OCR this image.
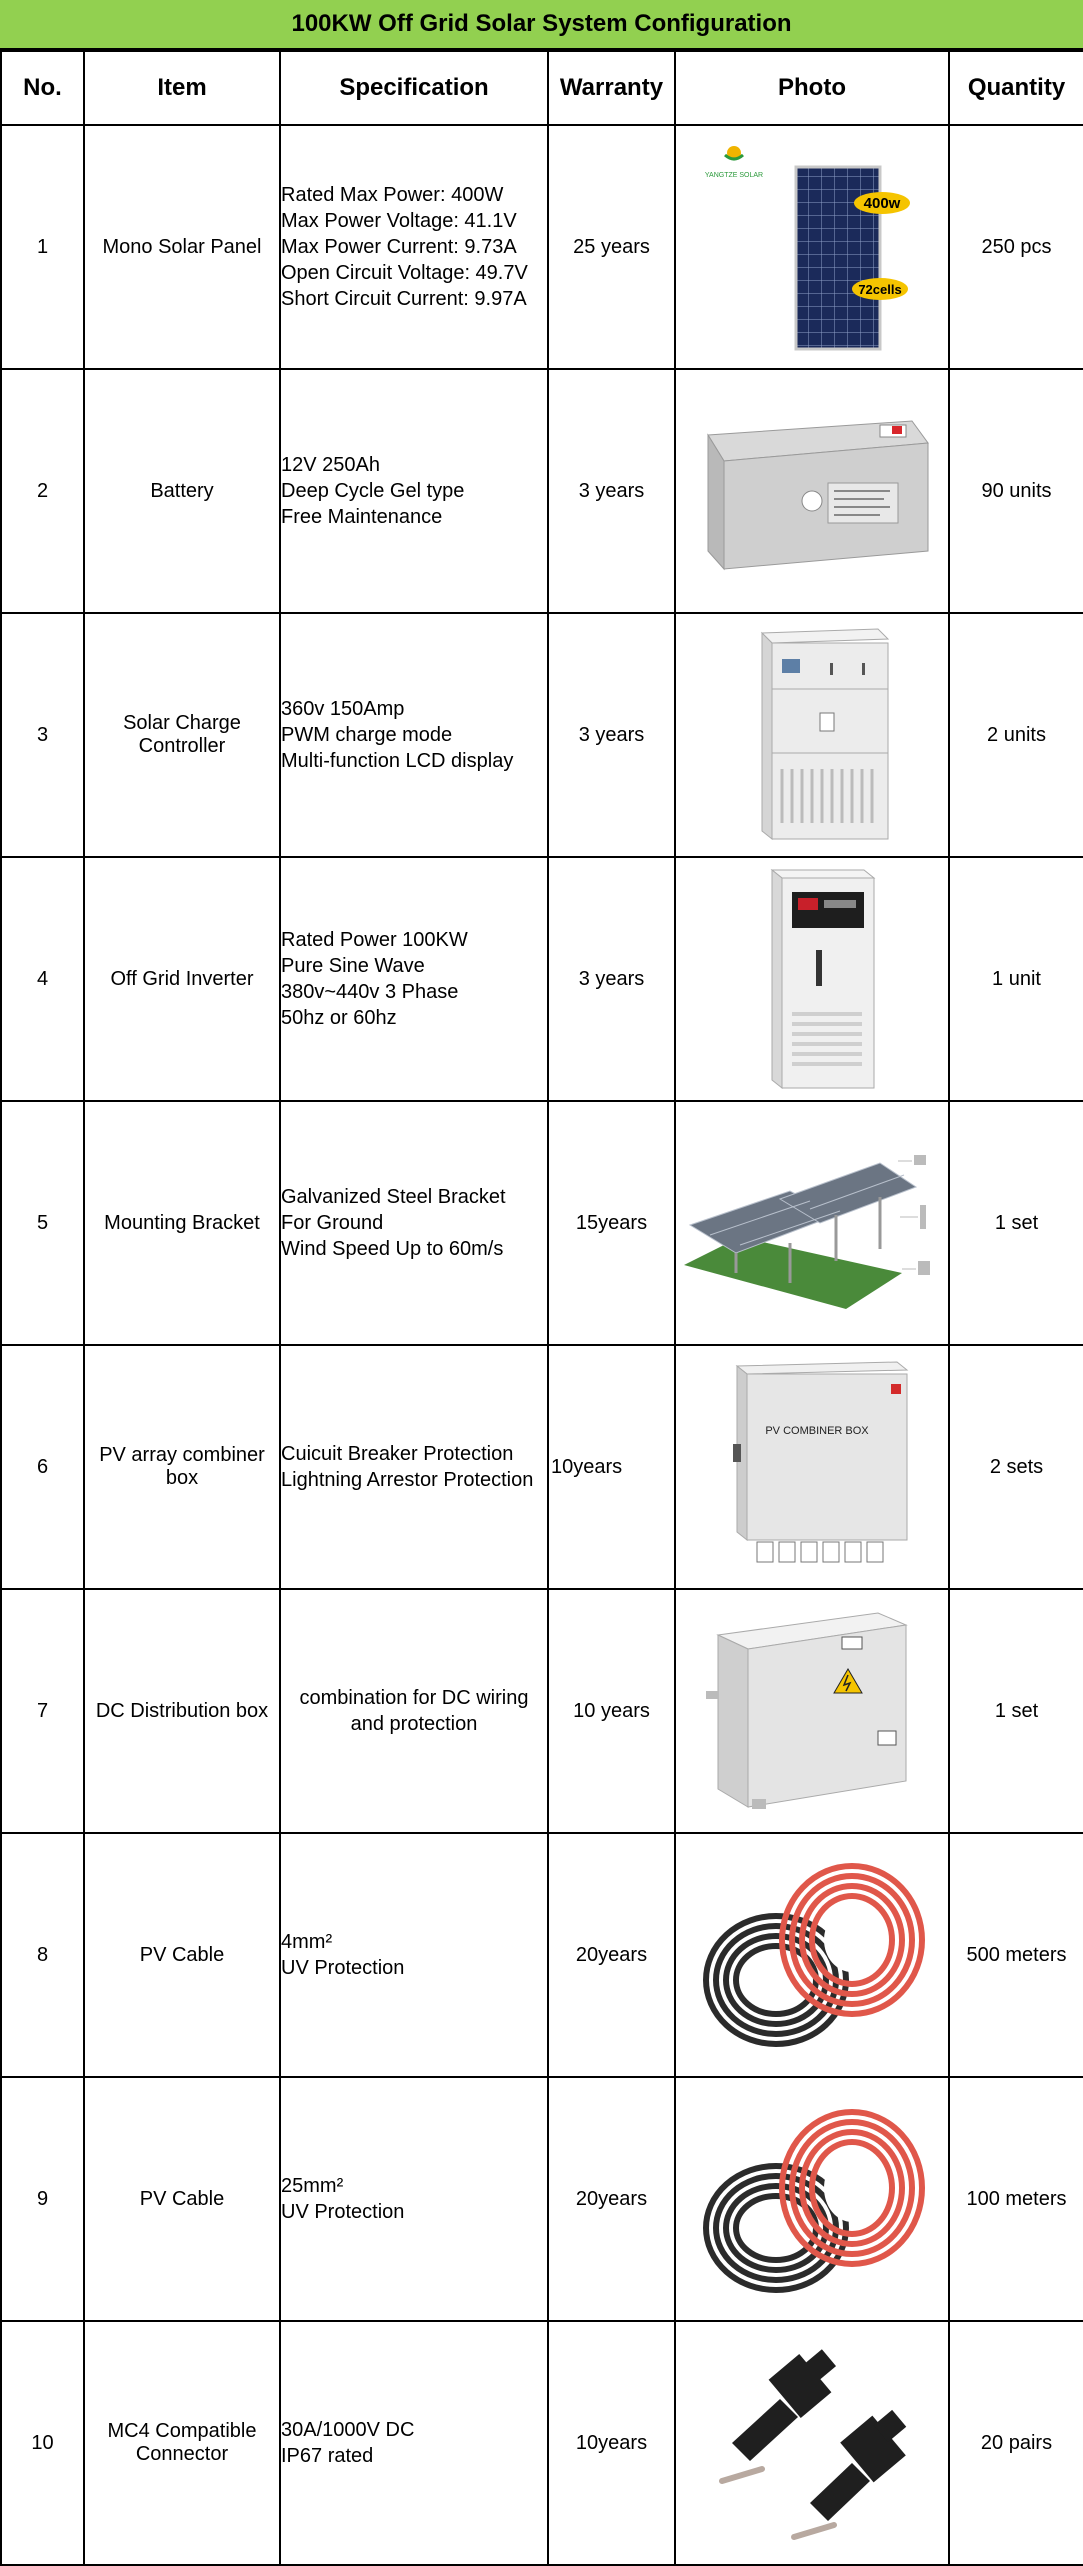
100KW Off Grid Solar System Configuration
No.	Item	Specification	Warranty	Photo	Quantity
1	Mono Solar Panel	Rated Max Power: 400W
Max Power Voltage: 41.1V
Max Power Current: 9.73A
Open Circuit Voltage: 49.7V
Short Circuit Current: 9.97A	25 years	YANGTZE SOLAR
400w
72cells	250 pcs
2	Battery	12V 250Ah
Deep Cycle Gel type
Free Maintenance	3 years		90 units
3	Solar Charge Controller	360v 150Amp
PWM charge mode
Multi-function LCD display	3 years		2 units
4	Off Grid Inverter	Rated Power 100KW
Pure Sine Wave
380v~440v 3 Phase
50hz or 60hz	3 years		1 unit
5	Mounting Bracket	Galvanized Steel Bracket
For Ground
Wind Speed Up to 60m/s	15years		1 set
6	PV array combiner box	Cuicuit Breaker Protection
Lightning Arrestor Protection	10years	PV COMBINER BOX	2 sets
7	DC Distribution box	combination for DC wiring and protection	10 years		1 set
8	PV Cable	4mm²
UV Protection	20years		500 meters
9	PV Cable	25mm²
UV Protection	20years		100 meters
10	MC4 Compatible Connector	30A/1000V DC
IP67 rated	10years		20 pairs
